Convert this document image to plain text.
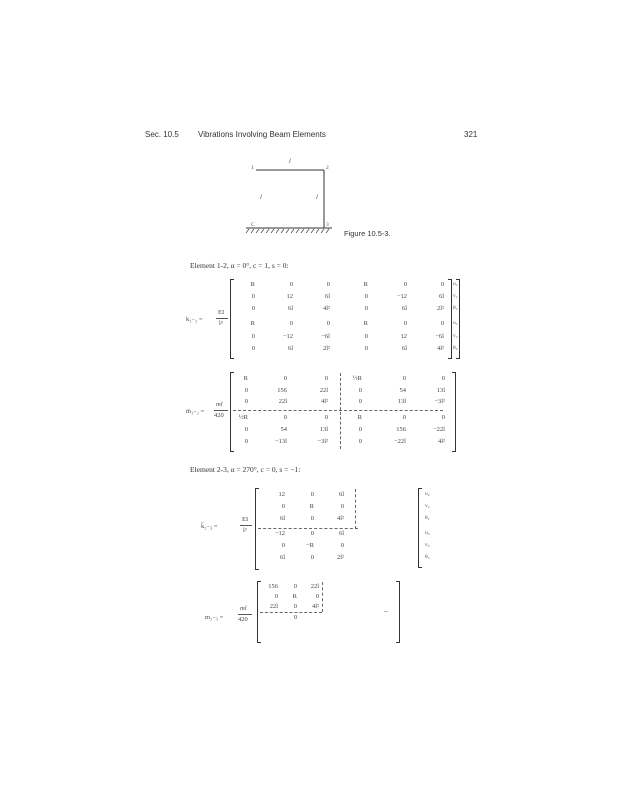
Sec. 10.5 Vibrations Involving Beam Elements	321
1	2
C	3
l
l	l
Figure 10.5-3.
Element 1-2, α = 0°, c = 1, s = 0:
k₁₋₂ =
EI
l³
R	0	0	R	0	0
0	12	6l	0	−12	6l
0	6l	4l²	0	6l	2l²
R	0	0	R	0	0
0	−12	−6l	0	12	−6l
0	6l	2l²	0	6l	4l²
u₁
v₁
θ₁
u₂
v₂
θ₂
m̄₁₋₂ =
ml
420
R	0	0	½R	0	0
0	156	22l	0	54	13l
0	22l	4l²	0	13l	−3l²
½R	0	0	R	0	0
0	54	13l	0	156	−22l
0	−13l	−3l²	0	−22l	4l²
Element 2-3, α = 270°, c = 0, s = −1:
k̄₂₋₃ =
EI
l³
12	0	6l
0	R	0
6l	0	4l²
−12	0	6l
0	−R	0
6l	0	2l²
u₂
v₂
θ₂
u₃
v₃
θ₃
m₂₋₃ =
ml
420
156	0	22l
0	R	0
22l	0	4l²
0
--
